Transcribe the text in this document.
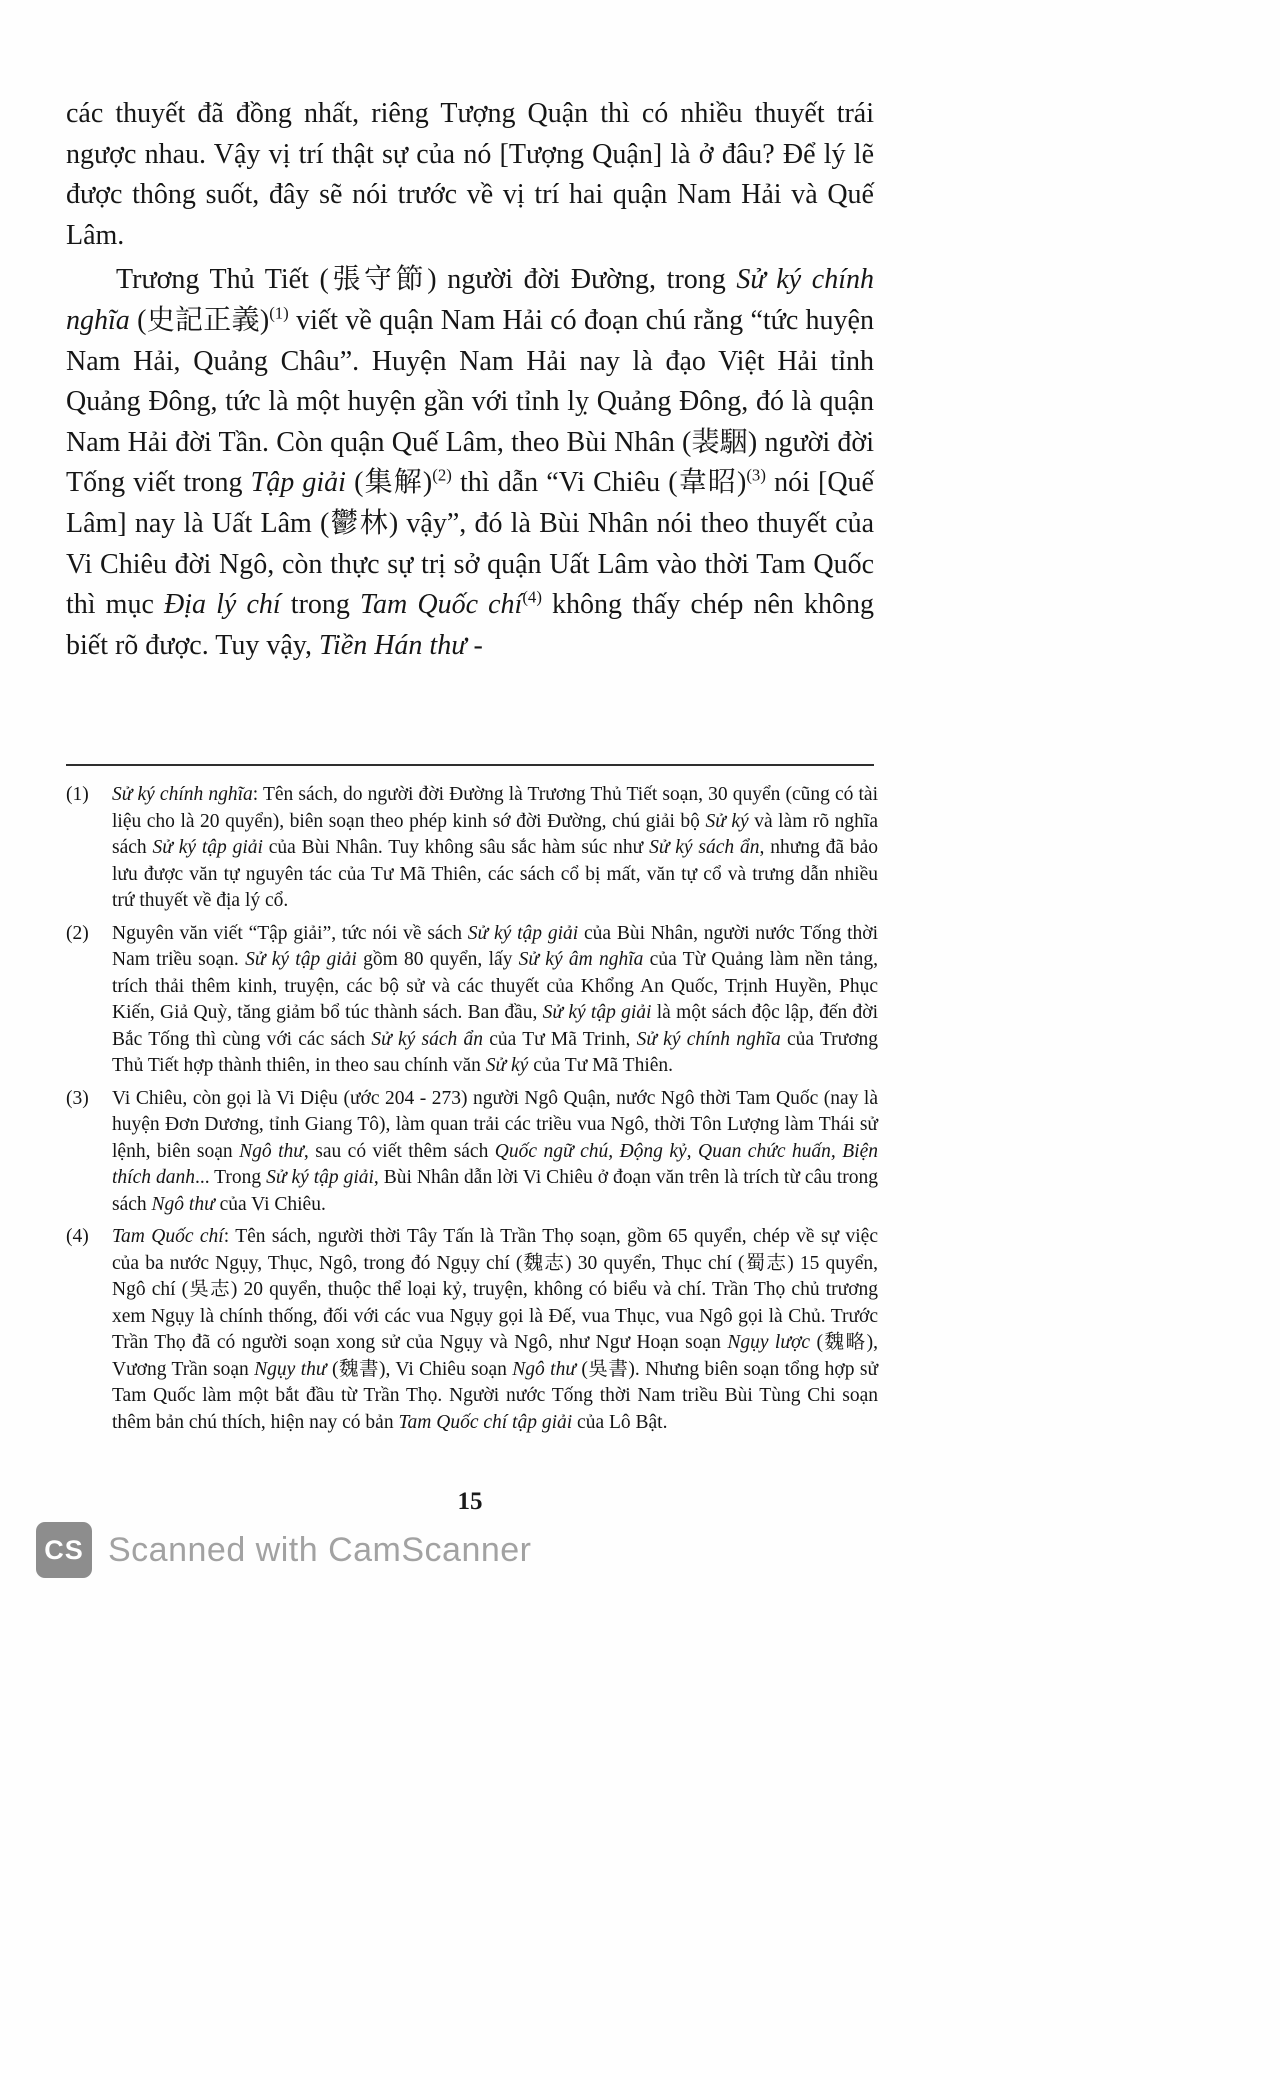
các thuyết đã đồng nhất, riêng Tượng Quận thì có nhiều thuyết trái ngược nhau. Vậy vị trí thật sự của nó [Tượng Quận] là ở đâu? Để lý lẽ được thông suốt, đây sẽ nói trước về vị trí hai quận Nam Hải và Quế Lâm.

Trương Thủ Tiết (張守節) người đời Đường, trong Sử ký chính nghĩa (史記正義)$^{(1)}$ viết về quận Nam Hải có đoạn chú rằng “tức huyện Nam Hải, Quảng Châu”. Huyện Nam Hải nay là đạo Việt Hải tỉnh Quảng Đông, tức là một huyện gần với tỉnh lỵ Quảng Đông, đó là quận Nam Hải đời Tần. Còn quận Quế Lâm, theo Bùi Nhân (裴駰) người đời Tống viết trong Tập giải (集解)$^{(2)}$ thì dẫn “Vi Chiêu (韋昭)$^{(3)}$ nói [Quế Lâm] nay là Uất Lâm (鬱林) vậy”, đó là Bùi Nhân nói theo thuyết của Vi Chiêu đời Ngô, còn thực sự trị sở quận Uất Lâm vào thời Tam Quốc thì mục Địa lý chí trong Tam Quốc chí$^{(4)}$ không thấy chép nên không biết rõ được. Tuy vậy, Tiền Hán thư -

(1)	Sử ký chính nghĩa: Tên sách, do người đời Đường là Trương Thủ Tiết soạn, 30 quyển (cũng có tài liệu cho là 20 quyển), biên soạn theo phép kinh sớ đời Đường, chú giải bộ Sử ký và làm rõ nghĩa sách Sử ký tập giải của Bùi Nhân. Tuy không sâu sắc hàm súc như Sử ký sách ẩn, nhưng đã bảo lưu được văn tự nguyên tác của Tư Mã Thiên, các sách cổ bị mất, văn tự cổ và trưng dẫn nhiều trứ thuyết về địa lý cổ.
(2)	Nguyên văn viết “Tập giải”, tức nói về sách Sử ký tập giải của Bùi Nhân, người nước Tống thời Nam triều soạn. Sử ký tập giải gồm 80 quyển, lấy Sử ký âm nghĩa của Từ Quảng làm nền tảng, trích thải thêm kinh, truyện, các bộ sử và các thuyết của Khổng An Quốc, Trịnh Huyền, Phục Kiến, Giả Quỳ, tăng giảm bổ túc thành sách. Ban đầu, Sử ký tập giải là một sách độc lập, đến đời Bắc Tống thì cùng với các sách Sử ký sách ẩn của Tư Mã Trinh, Sử ký chính nghĩa của Trương Thủ Tiết hợp thành thiên, in theo sau chính văn Sử ký của Tư Mã Thiên.
(3)	Vi Chiêu, còn gọi là Vi Diệu (ước 204 - 273) người Ngô Quận, nước Ngô thời Tam Quốc (nay là huyện Đơn Dương, tỉnh Giang Tô), làm quan trải các triều vua Ngô, thời Tôn Lượng làm Thái sử lệnh, biên soạn Ngô thư, sau có viết thêm sách Quốc ngữ chú, Động kỷ, Quan chức huấn, Biện thích danh... Trong Sử ký tập giải, Bùi Nhân dẫn lời Vi Chiêu ở đoạn văn trên là trích từ câu trong sách Ngô thư của Vi Chiêu.
(4)	Tam Quốc chí: Tên sách, người thời Tây Tấn là Trần Thọ soạn, gồm 65 quyển, chép về sự việc của ba nước Ngụy, Thục, Ngô, trong đó Ngụy chí (魏志) 30 quyển, Thục chí (蜀志) 15 quyển, Ngô chí (吳志) 20 quyển, thuộc thể loại kỷ, truyện, không có biểu và chí. Trần Thọ chủ trương xem Ngụy là chính thống, đối với các vua Ngụy gọi là Đế, vua Thục, vua Ngô gọi là Chủ. Trước Trần Thọ đã có người soạn xong sử của Ngụy và Ngô, như Ngư Hoạn soạn Ngụy lược (魏略), Vương Trần soạn Ngụy thư (魏書), Vi Chiêu soạn Ngô thư (吳書). Nhưng biên soạn tổng hợp sử Tam Quốc làm một bắt đầu từ Trần Thọ. Người nước Tống thời Nam triều Bùi Tùng Chi soạn thêm bản chú thích, hiện nay có bản Tam Quốc chí tập giải của Lô Bật.
15
CS Scanned with CamScanner
